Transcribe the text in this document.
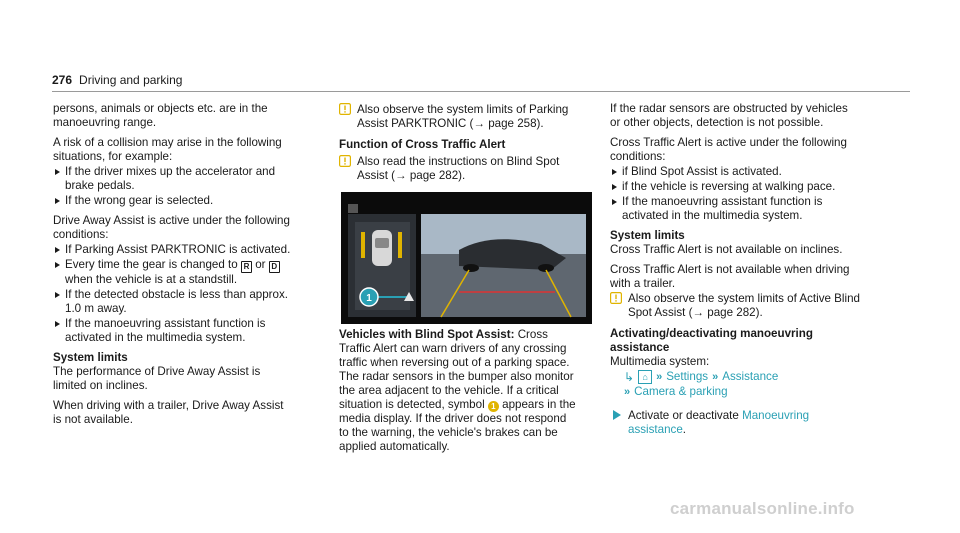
276 Driving and parking

persons, animals or objects etc. are in the manoeuvring range.

A risk of a collision may arise in the following situations, for example:

If the driver mixes up the accelerator and brake pedals.
If the wrong gear is selected.

Drive Away Assist is active under the following conditions:

If Parking Assist PARKTRONIC is activated.
Every time the gear is changed to R or D when the vehicle is at a standstill.
If the detected obstacle is less than approx. 1.0 m away.
If the manoeuvring assistant function is activated in the multimedia system.

System limits

The performance of Drive Away Assist is limited on inclines.

When driving with a trailer, Drive Away Assist is not available.

Also observe the system limits of Parking Assist PARKTRONIC (→ page 258).

Function of Cross Traffic Alert

Also read the instructions on Blind Spot Assist (→ page 282).
1

Vehicles with Blind Spot Assist: Cross Traffic Alert can warn drivers of any crossing traffic when reversing out of a parking space. The radar sensors in the bumper also monitor the area adjacent to the vehicle. If a critical situation is detected, symbol 1 appears in the media display. If the driver does not respond to the warning, the vehicle's brakes can be applied automatically.

If the radar sensors are obstructed by vehicles or other objects, detection is not possible.

Cross Traffic Alert is active under the following conditions:

if Blind Spot Assist is activated.
if the vehicle is reversing at walking pace.
If the manoeuvring assistant function is activated in the multimedia system.

System limits

Cross Traffic Alert is not available on inclines.

Cross Traffic Alert is not available when driving with a trailer.

Also observe the system limits of Active Blind Spot Assist (→ page 282).

Activating/deactivating manoeuvring assistance

Multimedia system:

↳ ⌂ » Settings » Assistance
» Camera & parking
Activate or deactivate Manoeuvring assistance.
carmanualsonline.info
